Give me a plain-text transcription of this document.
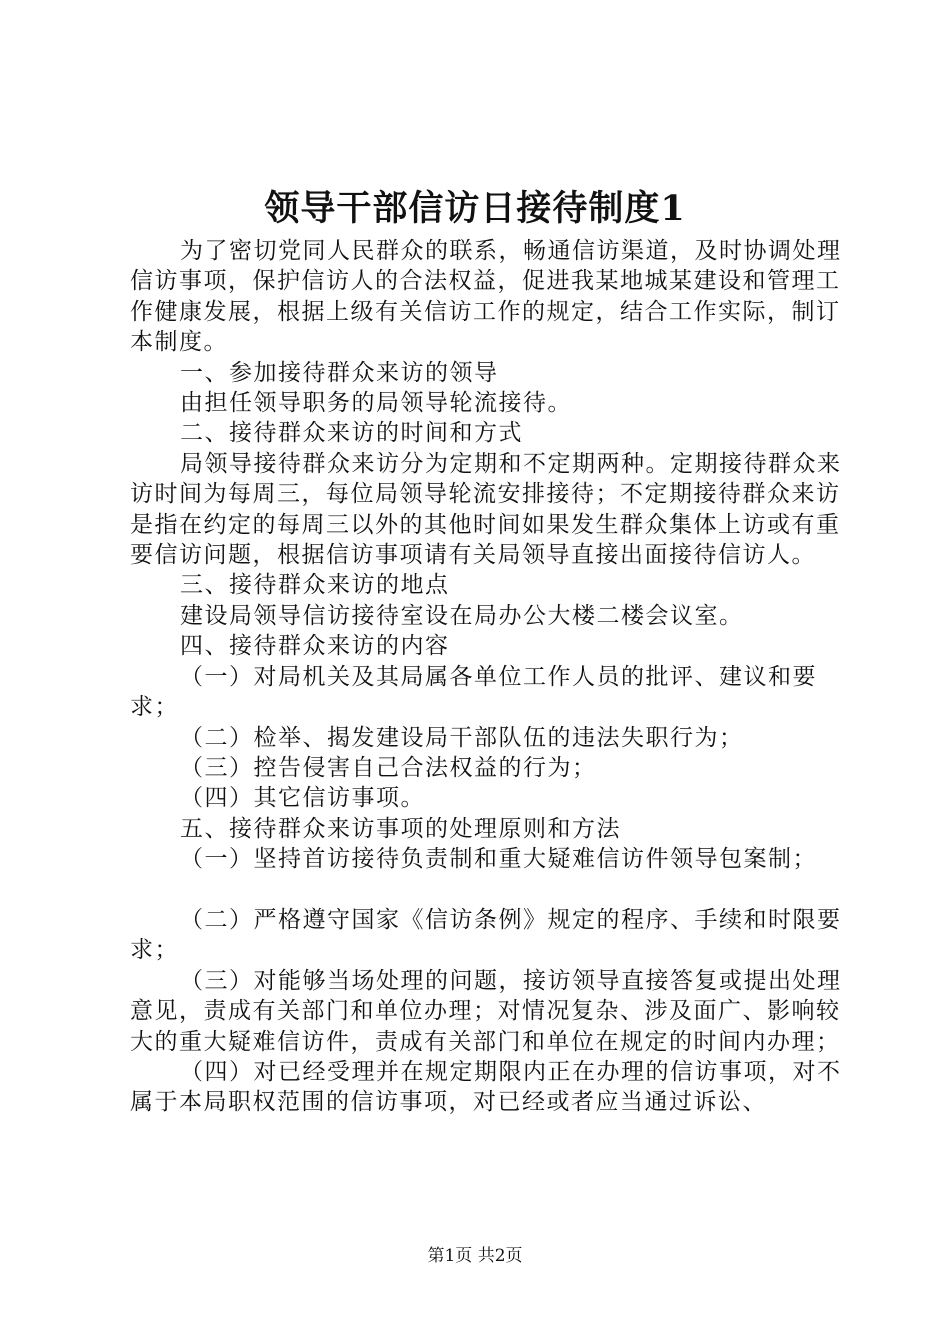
领导干部信访日接待制度1

为了密切党同人民群众的联系，畅通信访渠道，及时协调处理信访事项，保护信访人的合法权益，促进我某地城某建设和管理工作健康发展，根据上级有关信访工作的规定，结合工作实际，制订本制度。

一、参加接待群众来访的领导

由担任领导职务的局领导轮流接待。

二、接待群众来访的时间和方式

局领导接待群众来访分为定期和不定期两种。定期接待群众来访时间为每周三，每位局领导轮流安排接待；不定期接待群众来访是指在约定的每周三以外的其他时间如果发生群众集体上访或有重要信访问题，根据信访事项请有关局领导直接出面接待信访人。

三、接待群众来访的地点

建设局领导信访接待室设在局办公大楼二楼会议室。

四、接待群众来访的内容

（一）对局机关及其局属各单位工作人员的批评、建议和要求；

（二）检举、揭发建设局干部队伍的违法失职行为；

（三）控告侵害自己合法权益的行为；

（四）其它信访事项。

五、接待群众来访事项的处理原则和方法

（一）坚持首访接待负责制和重大疑难信访件领导包案制；

（二）严格遵守国家《信访条例》规定的程序、手续和时限要求；

（三）对能够当场处理的问题，接访领导直接答复或提出处理意见，责成有关部门和单位办理；对情况复杂、涉及面广、影响较大的重大疑难信访件，责成有关部门和单位在规定的时间内办理；

（四）对已经受理并在规定期限内正在办理的信访事项，对不属于本局职权范围的信访事项，对已经或者应当通过诉讼、

第1页 共2页
